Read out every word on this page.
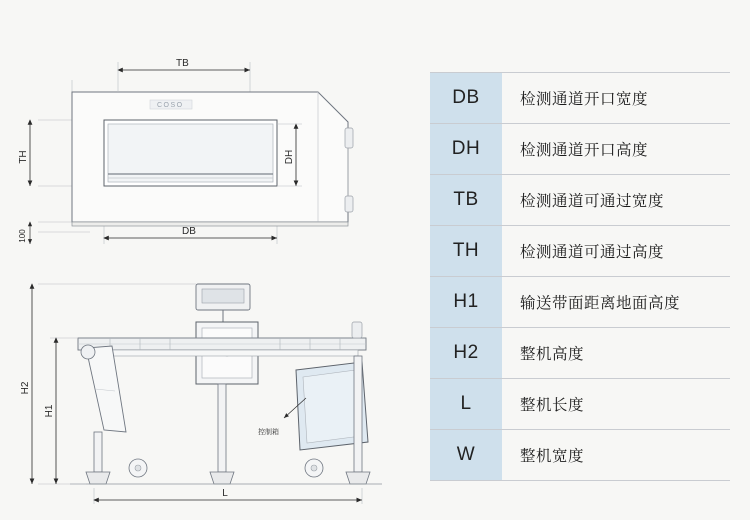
COSO
TB
DB
TH
100
DH
控制箱
H2
H1
L
DB	检测通道开口宽度
DH	检测通道开口高度
TB	检测通道可通过宽度
TH	检测通道可通过高度
H1	输送带面距离地面高度
H2	整机高度
L	整机长度
W	整机宽度
